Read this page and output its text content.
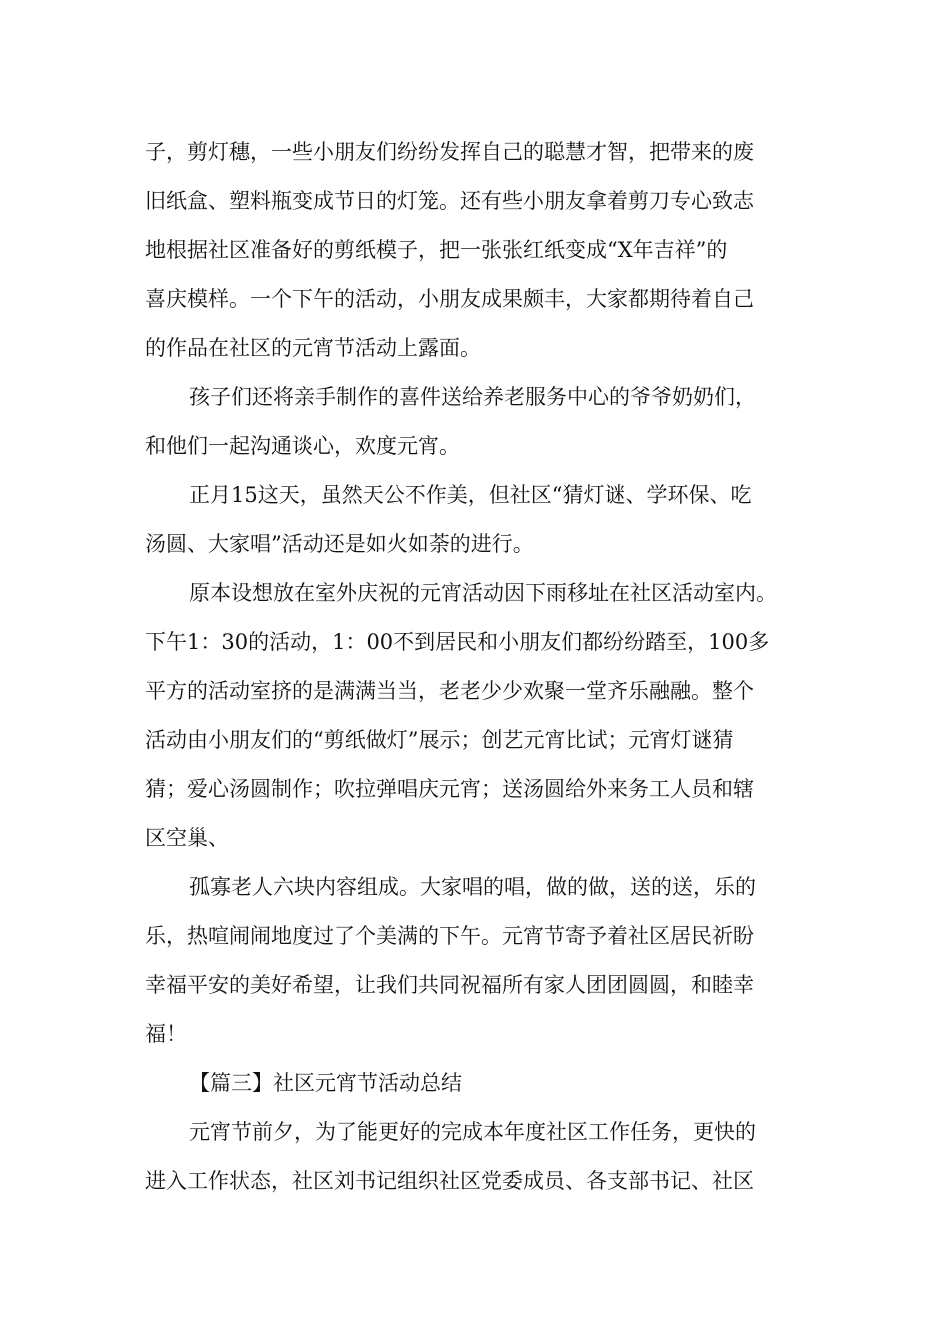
子，剪灯穗，一些小朋友们纷纷发挥自己的聪慧才智，把带来的废
旧纸盒、塑料瓶变成节日的灯笼。还有些小朋友拿着剪刀专心致志
地根据社区准备好的剪纸模子，把一张张红纸变成“X年吉祥”的
喜庆模样。一个下午的活动，小朋友成果颇丰，大家都期待着自己
的作品在社区的元宵节活动上露面。
孩子们还将亲手制作的喜件送给养老服务中心的爷爷奶奶们，
和他们一起沟通谈心，欢度元宵。
正月15这天，虽然天公不作美，但社区“猜灯谜、学环保、吃
汤圆、大家唱”活动还是如火如荼的进行。
原本设想放在室外庆祝的元宵活动因下雨移址在社区活动室内。
下午1：30的活动，1：00不到居民和小朋友们都纷纷踏至，100多
平方的活动室挤的是满满当当，老老少少欢聚一堂齐乐融融。整个
活动由小朋友们的“剪纸做灯”展示；创艺元宵比试；元宵灯谜猜
猜；爱心汤圆制作；吹拉弹唱庆元宵；送汤圆给外来务工人员和辖
区空巢、
孤寡老人六块内容组成。大家唱的唱，做的做，送的送，乐的
乐，热喧闹闹地度过了个美满的下午。元宵节寄予着社区居民祈盼
幸福平安的美好希望，让我们共同祝福所有家人团团圆圆，和睦幸
福！
【篇三】社区元宵节活动总结
元宵节前夕，为了能更好的完成本年度社区工作任务，更快的
进入工作状态，社区刘书记组织社区党委成员、各支部书记、社区
